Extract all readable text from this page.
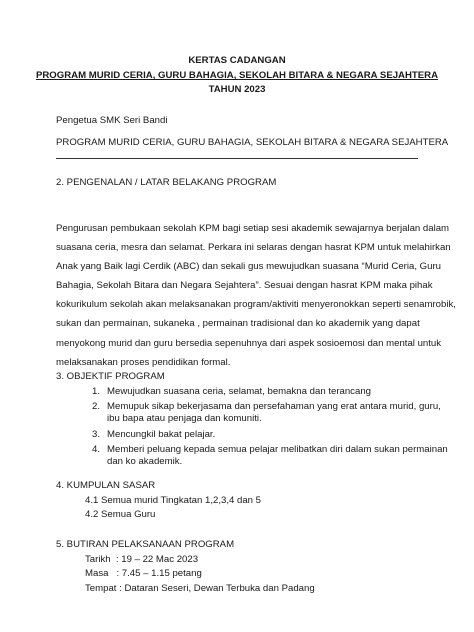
KERTAS CADANGAN
PROGRAM MURID CERIA, GURU BAHAGIA, SEKOLAH BITARA & NEGARA SEJAHTERA
TAHUN 2023
Pengetua SMK Seri Bandi
PROGRAM MURID CERIA, GURU BAHAGIA, SEKOLAH BITARA & NEGARA SEJAHTERA
2. PENGENALAN / LATAR BELAKANG PROGRAM
Pengurusan pembukaan sekolah KPM bagi setiap sesi akademik sewajarnya berjalan dalam
suasana ceria, mesra dan selamat. Perkara ini selaras dengan hasrat KPM untuk melahirkan
Anak yang Baik lagi Cerdik (ABC) dan sekali gus mewujudkan suasana “Murid Ceria, Guru
Bahagia, Sekolah Bitara dan Negara Sejahtera”. Sesuai dengan hasrat KPM maka pihak
kokurikulum sekolah akan melaksanakan program/aktiviti menyeronokkan seperti senamrobik,
sukan dan permainan, sukaneka , permainan tradisional dan ko akademik yang dapat
menyokong murid dan guru bersedia sepenuhnya dari aspek sosioemosi dan mental untuk
melaksanakan proses pendidikan formal.
3. OBJEKTIF PROGRAM
1. Mewujudkan suasana ceria, selamat, bemakna dan terancang
2. Memupuk sikap bekerjasama dan persefahaman yang erat antara murid, guru,
ibu bapa atau penjaga dan komuniti.
3. Mencungkil bakat pelajar.
4. Memberi peluang kepada semua pelajar melibatkan diri dalam sukan permainan
dan ko akademik.
4. KUMPULAN SASAR
4.1 Semua murid Tingkatan 1,2,3,4 dan 5
4.2 Semua Guru
5. BUTIRAN PELAKSANAAN PROGRAM
Tarikh  : 19 – 22 Mac 2023
Masa   : 7.45 – 1.15 petang
Tempat : Dataran Seseri, Dewan Terbuka dan Padang
